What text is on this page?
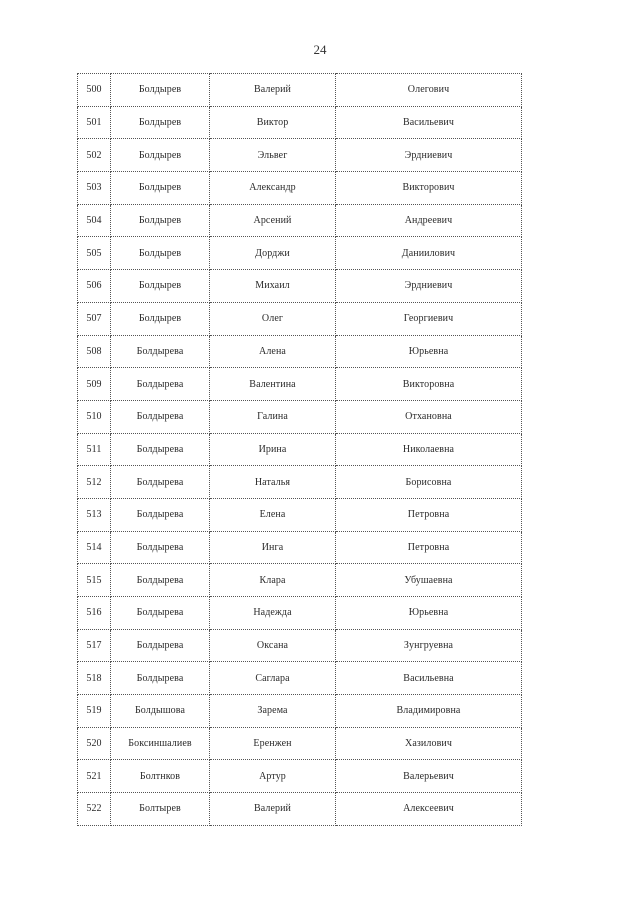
24
500	Болдырев	Валерий	Олегович
501	Болдырев	Виктор	Васильевич
502	Болдырев	Эльвег	Эрдниевич
503	Болдырев	Александр	Викторович
504	Болдырев	Арсений	Андреевич
505	Болдырев	Дорджи	Даниилович
506	Болдырев	Михаил	Эрдниевич
507	Болдырев	Олег	Георгиевич
508	Болдырева	Алена	Юрьевна
509	Болдырева	Валентина	Викторовна
510	Болдырева	Галина	Отхановна
511	Болдырева	Ирина	Николаевна
512	Болдырева	Наталья	Борисовна
513	Болдырева	Елена	Петровна
514	Болдырева	Инга	Петровна
515	Болдырева	Клара	Убушаевна
516	Болдырева	Надежда	Юрьевна
517	Болдырева	Оксана	Зунгруевна
518	Болдырева	Саглара	Васильевна
519	Болдышова	Зарема	Владимировна
520	Боксиншалиев	Еренжен	Хазилович
521	Болтнков	Артур	Валерьевич
522	Болтырев	Валерий	Алексеевич
